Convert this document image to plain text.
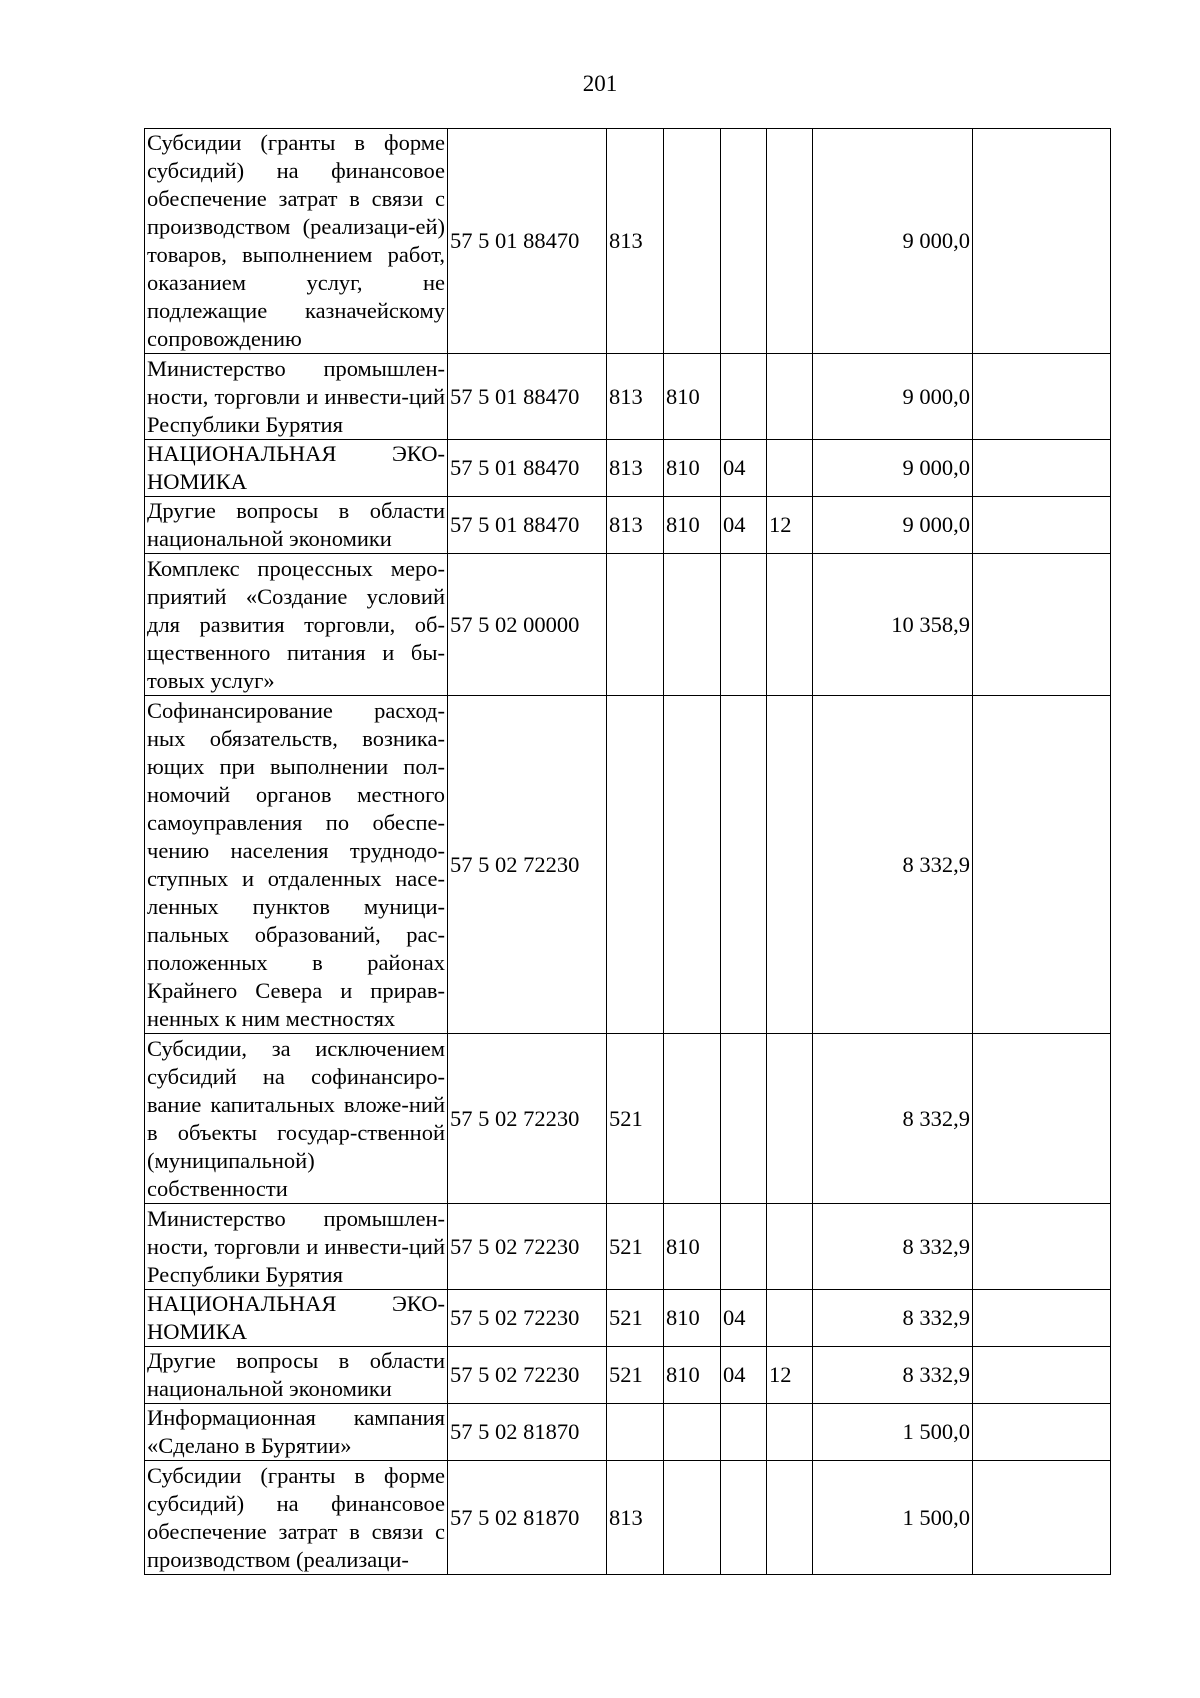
201
Субсидии (гранты в форме субсидий) на финансовое обеспечение затрат в связи с производством (реализаци-ей) товаров, выполнением работ, оказанием услуг, не подлежащие казначейскому сопровождению	57 5 01 88470	813				9 000,0	
Министерство промышлен-ности, торговли и инвести-ций Республики Бурятия	57 5 01 88470	813	810			9 000,0	
НАЦИОНАЛЬНАЯ ЭКО-НОМИКА	57 5 01 88470	813	810	04		9 000,0	
Другие вопросы в области национальной экономики	57 5 01 88470	813	810	04	12	9 000,0	
Комплекс процессных меро-приятий «Создание условий для развития торговли, об-щественного питания и бы-товых услуг»	57 5 02 00000					10 358,9	
Софинансирование расход-ных обязательств, возника-ющих при выполнении пол-номочий органов местного самоуправления по обеспе-чению населения труднодо-ступных и отдаленных насе-ленных пунктов муници-пальных образований, рас-положенных в районах Крайнего Севера и прирав-ненных к ним местностях	57 5 02 72230					8 332,9	
Субсидии, за исключением субсидий на софинансиро-вание капитальных вложе-ний в объекты государ-ственной (муниципальной) собственности	57 5 02 72230	521				8 332,9	
Министерство промышлен-ности, торговли и инвести-ций Республики Бурятия	57 5 02 72230	521	810			8 332,9	
НАЦИОНАЛЬНАЯ ЭКО-НОМИКА	57 5 02 72230	521	810	04		8 332,9	
Другие вопросы в области национальной экономики	57 5 02 72230	521	810	04	12	8 332,9	
Информационная кампания «Сделано в Бурятии»	57 5 02 81870					1 500,0	
Субсидии (гранты в форме субсидий) на финансовое обеспечение затрат в связи с производством (реализаци-	57 5 02 81870	813				1 500,0	
